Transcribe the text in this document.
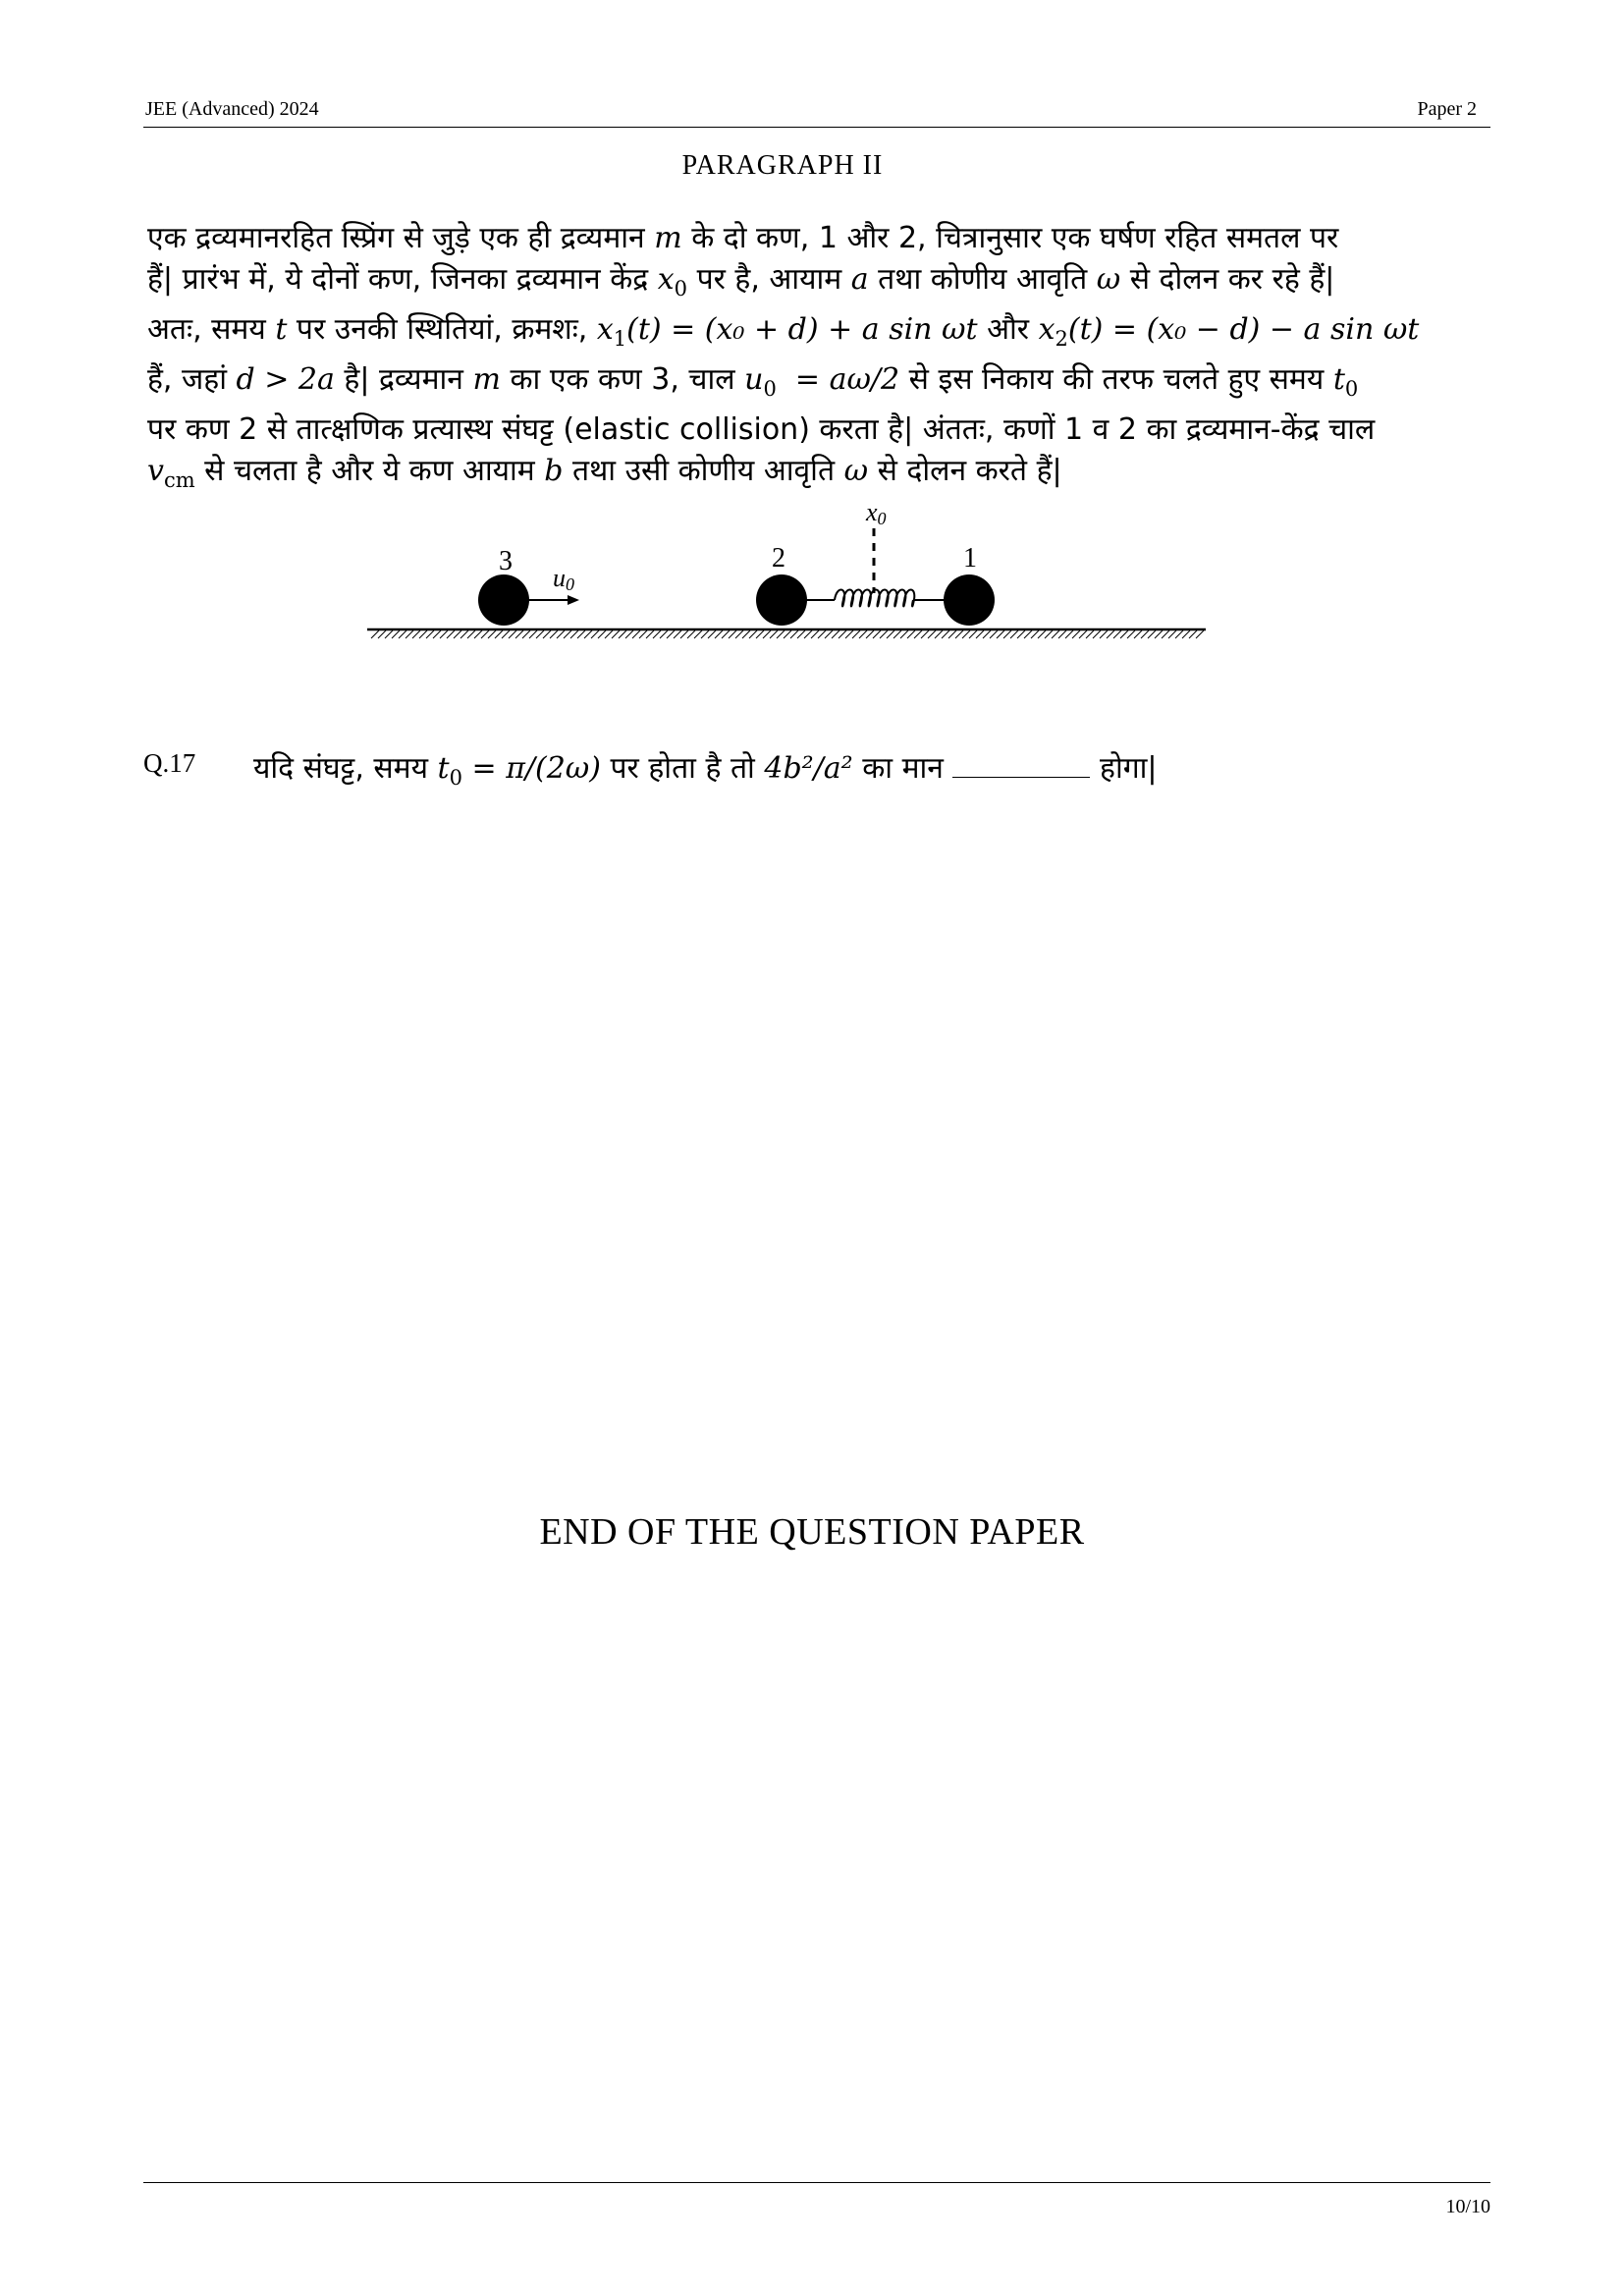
JEE (Advanced) 2024	Paper 2
PARAGRAPH II
एक द्रव्यमानरहित स्प्रिंग से जुड़े एक ही द्रव्यमान m के दो कण, 1 और 2, चित्रानुसार एक घर्षण रहित समतल पर
हैं| प्रारंभ में, ये दोनों कण, जिनका द्रव्यमान केंद्र $x_0$ पर है, आयाम a तथा कोणीय आवृति ω से दोलन कर रहे हैं|
अतः, समय t पर उनकी स्थितियां, क्रमशः, $x_1(t) = (x_0 + d) + a$ sin ωt और $x_2(t) = (x_0 - d) - a$ sin ωt
हैं, जहां d > 2a है| द्रव्यमान m का एक कण 3, चाल $u_0 = a\omega/2$ से इस निकाय की तरफ चलते हुए समय $t_0$
पर कण 2 से तात्क्षणिक प्रत्यास्थ संघट्ट (elastic collision) करता है| अंततः, कणों 1 व 2 का द्रव्यमान-केंद्र चाल
$v_{cm}$ से चलता है और ये कण आयाम b तथा उसी कोणीय आवृति ω से दोलन करते हैं|
3
u0
2	1
x0
Q.17 यदि संघट्ट, समय $t_0 = \pi/(2\omega)$ पर होता है तो 4b²/a² का मान	होगा|
END OF THE QUESTION PAPER
10/10
